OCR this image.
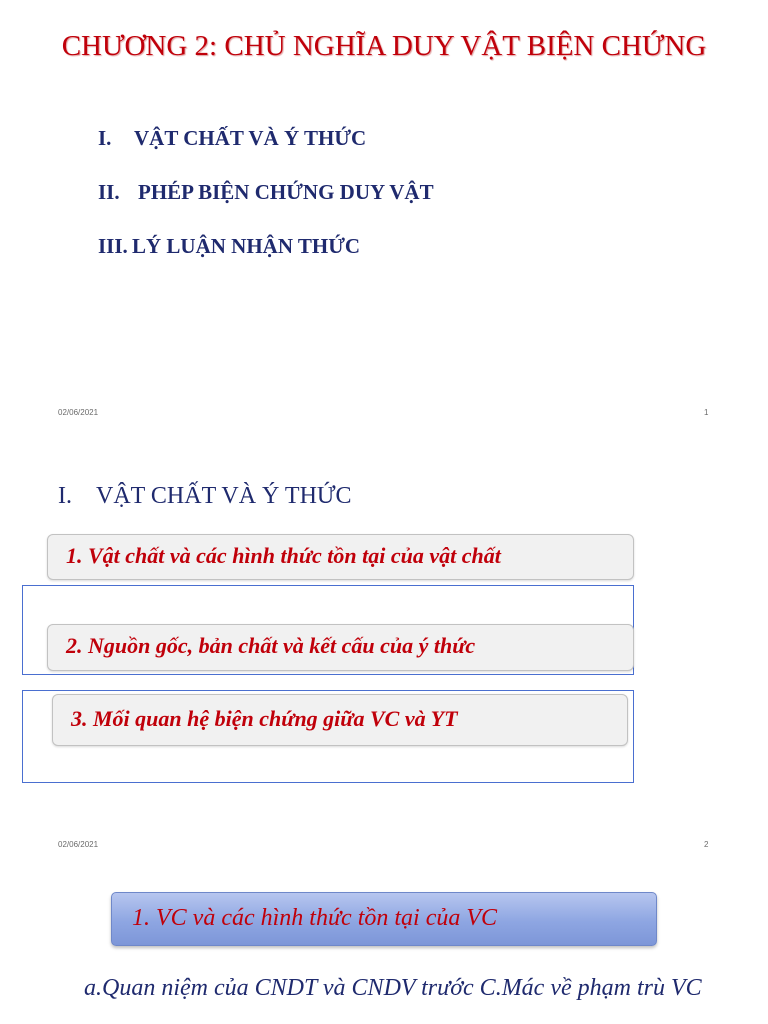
CHƯƠNG 2: CHỦ NGHĨA DUY VẬT BIỆN CHỨNG
I. VẬT CHẤT VÀ Ý THỨC
II. PHÉP BIỆN CHỨNG DUY VẬT
III. LÝ LUẬN NHẬN THỨC
02/06/2021	1
I. VẬT CHẤT VÀ Ý THỨC
1. Vật chất và các hình thức tồn tại của vật chất
2. Nguồn gốc, bản chất và kết cấu của ý thức
3. Mối quan hệ biện chứng giữa VC và YT
02/06/2021	2
1. VC và các hình thức tồn tại của VC
a.Quan niệm của CNDT và CNDV trước C.Mác về phạm trù VC
